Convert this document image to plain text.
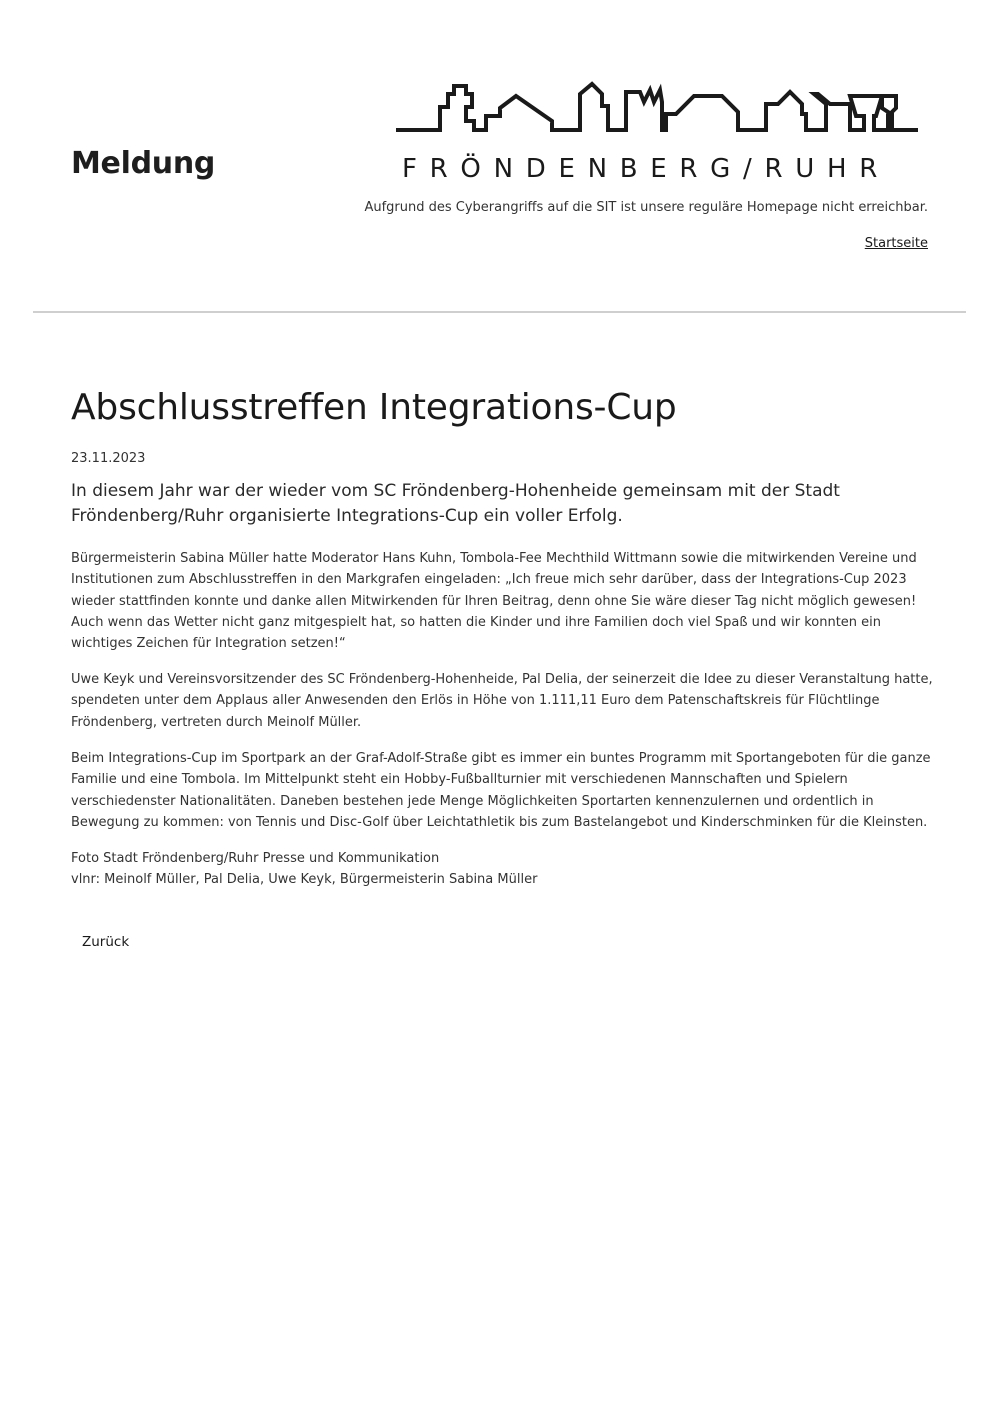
Meldung	FRÖNDENBERG/RUHR

Aufgrund des Cyberangriffs auf die SIT ist unsere reguläre Homepage nicht erreichbar.

Startseite
Abschlusstreffen Integrations-Cup

23.11.2023

In diesem Jahr war der wieder vom SC Fröndenberg-Hohenheide gemeinsam mit der Stadt Fröndenberg/Ruhr organisierte Integrations-Cup ein voller Erfolg.

Bürgermeisterin Sabina Müller hatte Moderator Hans Kuhn, Tombola-Fee Mechthild Wittmann sowie die mitwirkenden Vereine und Institutionen zum Abschlusstreffen in den Markgrafen eingeladen: „Ich freue mich sehr darüber, dass der Integrations-Cup 2023 wieder stattfinden konnte und danke allen Mitwirkenden für Ihren Beitrag, denn ohne Sie wäre dieser Tag nicht möglich gewesen! Auch wenn das Wetter nicht ganz mitgespielt hat, so hatten die Kinder und ihre Familien doch viel Spaß und wir konnten ein wichtiges Zeichen für Integration setzen!“

Uwe Keyk und Vereinsvorsitzender des SC Fröndenberg-Hohenheide, Pal Delia, der seinerzeit die Idee zu dieser Veranstaltung hatte, spendeten unter dem Applaus aller Anwesenden den Erlös in Höhe von 1.111,11 Euro dem Patenschaftskreis für Flüchtlinge Fröndenberg, vertreten durch Meinolf Müller.

Beim Integrations-Cup im Sportpark an der Graf-Adolf-Straße gibt es immer ein buntes Programm mit Sportangeboten für die ganze Familie und eine Tombola. Im Mittelpunkt steht ein Hobby-Fußballturnier mit verschiedenen Mannschaften und Spielern verschiedenster Nationalitäten. Daneben bestehen jede Menge Möglichkeiten Sportarten kennenzulernen und ordentlich in Bewegung zu kommen: von Tennis und Disc-Golf über Leichtathletik bis zum Bastelangebot und Kinderschminken für die Kleinsten.

Foto Stadt Fröndenberg/Ruhr Presse und Kommunikation
vlnr: Meinolf Müller, Pal Delia, Uwe Keyk, Bürgermeisterin Sabina Müller
Zurück
